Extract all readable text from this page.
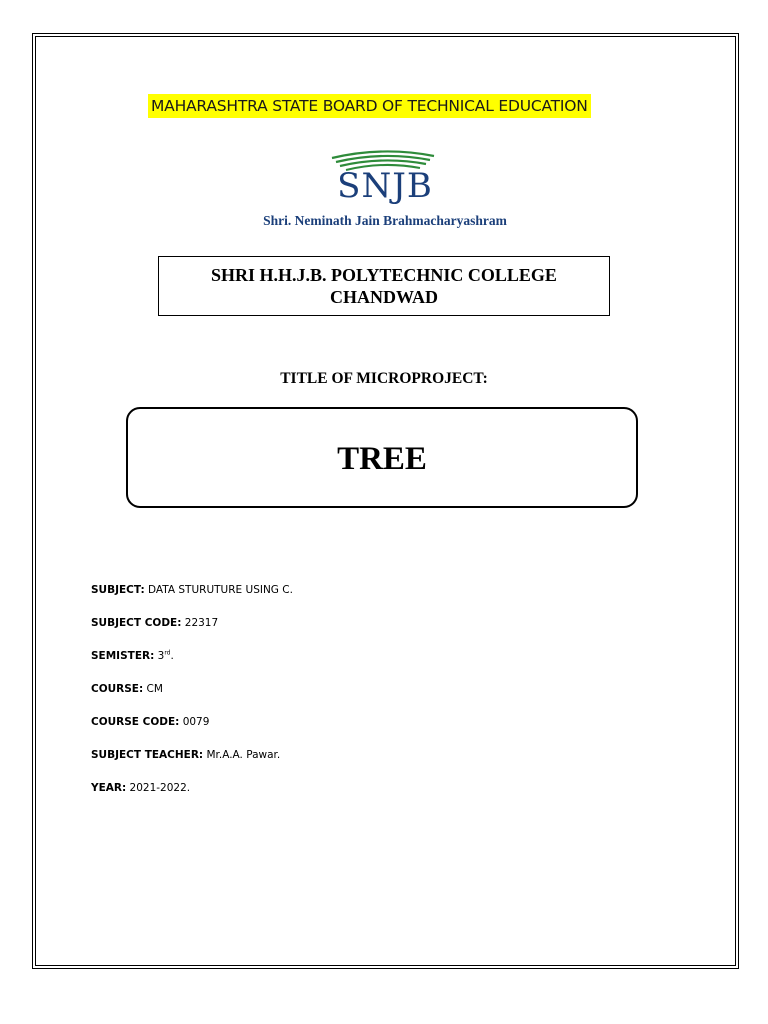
MAHARASHTRA STATE BOARD OF TECHNICAL EDUCATION
SNJB
Shri. Neminath Jain Brahmacharyashram
SHRI H.H.J.B. POLYTECHNIC COLLEGE
CHANDWAD
TITLE OF MICROPROJECT:
TREE
SUBJECT: DATA STURUTURE USING C.
SUBJECT CODE: 22317
SEMISTER: 3rd.
COURSE: CM
COURSE CODE: 0079
SUBJECT TEACHER: Mr.A.A. Pawar.
YEAR: 2021-2022.
